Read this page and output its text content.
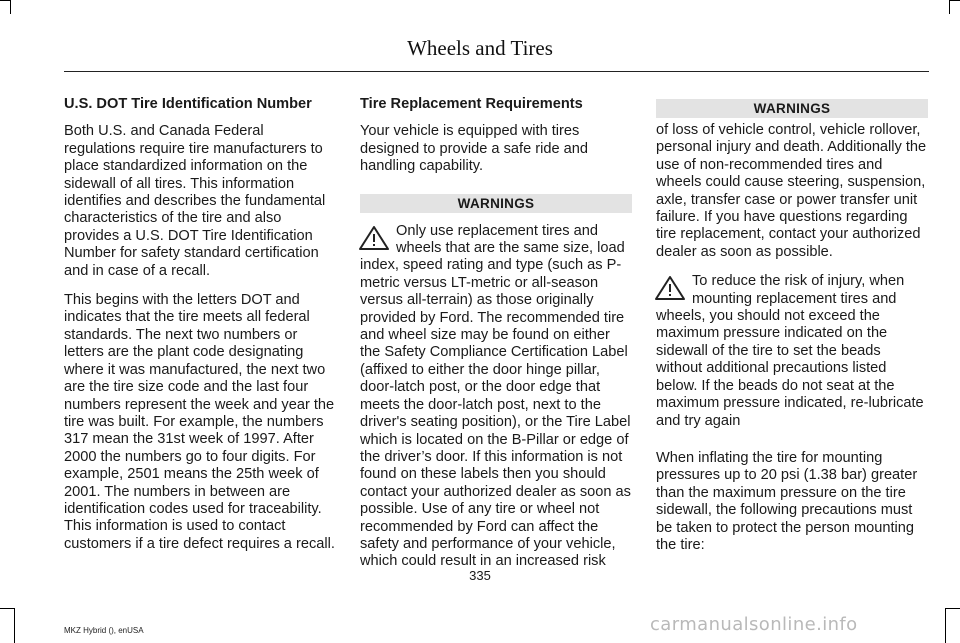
Wheels and Tires
U.S. DOT Tire Identification Number

Both U.S. and Canada Federal regulations require tire manufacturers to place standardized information on the sidewall of all tires. This information identifies and describes the fundamental characteristics of the tire and also provides a U.S. DOT Tire Identification Number for safety standard certification and in case of a recall.

This begins with the letters DOT and indicates that the tire meets all federal standards. The next two numbers or letters are the plant code designating where it was manufactured, the next two are the tire size code and the last four numbers represent the week and year the tire was built. For example, the numbers 317 mean the 31st week of 1997. After 2000 the numbers go to four digits. For example, 2501 means the 25th week of 2001. The numbers in between are identification codes used for traceability. This information is used to contact customers if a tire defect requires a recall.

Tire Replacement Requirements

Your vehicle is equipped with tires designed to provide a safe ride and handling capability.

WARNINGS
Only use replacement tires and wheels that are the same size, load index, speed rating and type (such as P-metric versus LT-metric or all-season versus all-terrain) as those originally provided by Ford. The recommended tire and wheel size may be found on either the Safety Compliance Certification Label (affixed to either the door hinge pillar, door-latch post, or the door edge that meets the door-latch post, next to the driver's seating position), or the Tire Label which is located on the B-Pillar or edge of the driver’s door. If this information is not found on these labels then you should contact your authorized dealer as soon as possible. Use of any tire or wheel not recommended by Ford can affect the safety and performance of your vehicle, which could result in an increased risk
WARNINGS

of loss of vehicle control, vehicle rollover, personal injury and death. Additionally the use of non-recommended tires and wheels could cause steering, suspension, axle, transfer case or power transfer unit failure. If you have questions regarding tire replacement, contact your authorized dealer as soon as possible.

To reduce the risk of injury, when mounting replacement tires and wheels, you should not exceed the maximum pressure indicated on the sidewall of the tire to set the beads without additional precautions listed below. If the beads do not seat at the maximum pressure indicated, re-lubricate and try again

When inflating the tire for mounting pressures up to 20 psi (1.38 bar) greater than the maximum pressure on the tire sidewall, the following precautions must be taken to protect the person mounting the tire:

335
MKZ Hybrid (), enUSA	carmanualsonline.info
